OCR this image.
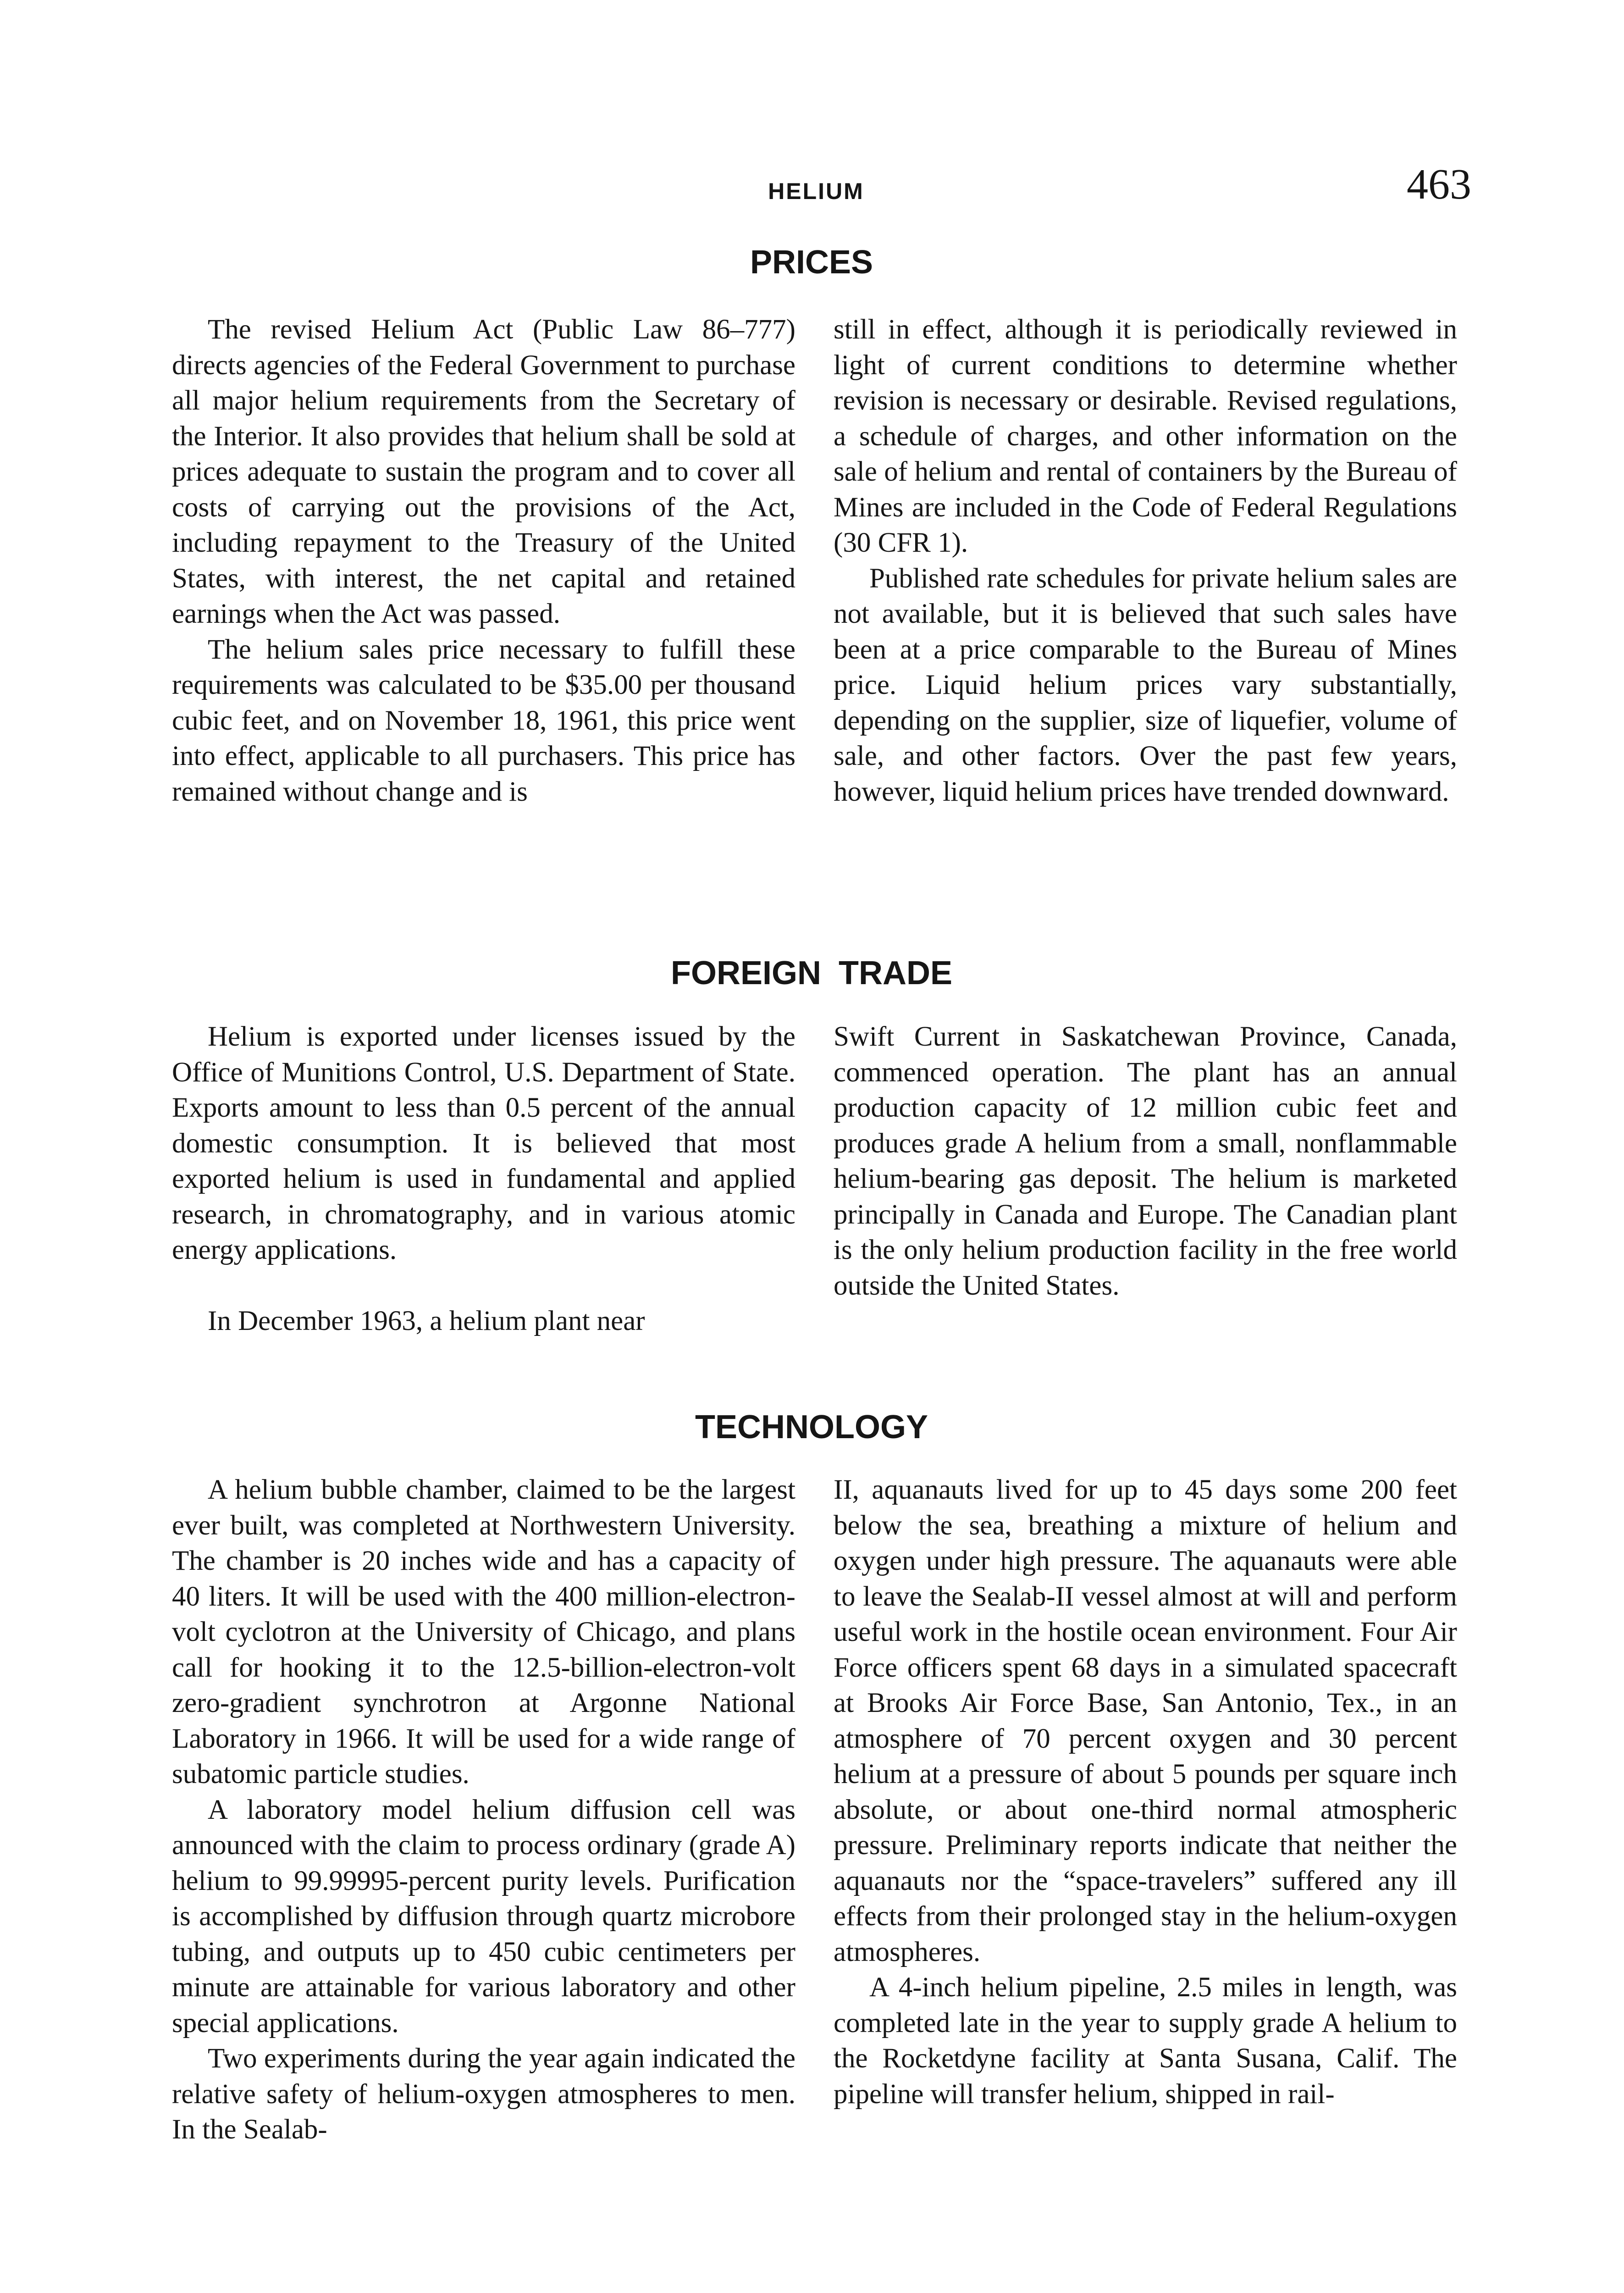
HELIUM	463
PRICES

The revised Helium Act (Public Law 86–777) directs agencies of the Federal Government to purchase all major helium requirements from the Secretary of the Interior. It also provides that helium shall be sold at prices adequate to sustain the program and to cover all costs of carrying out the provisions of the Act, including repayment to the Treasury of the United States, with interest, the net capital and retained earnings when the Act was passed.

The helium sales price necessary to fulfill these requirements was calculated to be $35.00 per thousand cubic feet, and on November 18, 1961, this price went into effect, applicable to all purchasers. This price has remained without change and is

still in effect, although it is periodically reviewed in light of current conditions to determine whether revision is necessary or desirable. Revised regulations, a schedule of charges, and other information on the sale of helium and rental of containers by the Bureau of Mines are included in the Code of Federal Regulations (30 CFR 1).

Published rate schedules for private helium sales are not available, but it is believed that such sales have been at a price comparable to the Bureau of Mines price. Liquid helium prices vary substantially, depending on the supplier, size of liquefier, volume of sale, and other factors. Over the past few years, however, liquid helium prices have trended downward.

FOREIGN TRADE

Helium is exported under licenses issued by the Office of Munitions Control, U.S. Department of State. Exports amount to less than 0.5 percent of the annual domestic consumption. It is believed that most exported helium is used in fundamental and applied research, in chromatography, and in various atomic energy applications.

In December 1963, a helium plant near

Swift Current in Saskatchewan Province, Canada, commenced operation. The plant has an annual production capacity of 12 million cubic feet and produces grade A helium from a small, nonflammable helium-bearing gas deposit. The helium is marketed principally in Canada and Europe. The Canadian plant is the only helium production facility in the free world outside the United States.

TECHNOLOGY

A helium bubble chamber, claimed to be the largest ever built, was completed at Northwestern University. The chamber is 20 inches wide and has a capacity of 40 liters. It will be used with the 400 million-electron-volt cyclotron at the University of Chicago, and plans call for hooking it to the 12.5-billion-electron-volt zero-gradient synchrotron at Argonne National Laboratory in 1966. It will be used for a wide range of subatomic particle studies.

A laboratory model helium diffusion cell was announced with the claim to process ordinary (grade A) helium to 99.99995-percent purity levels. Purification is accomplished by diffusion through quartz microbore tubing, and outputs up to 450 cubic centimeters per minute are attainable for various laboratory and other special applications.

Two experiments during the year again indicated the relative safety of helium-oxygen atmospheres to men. In the Sealab-

II, aquanauts lived for up to 45 days some 200 feet below the sea, breathing a mixture of helium and oxygen under high pressure. The aquanauts were able to leave the Sealab-II vessel almost at will and perform useful work in the hostile ocean environment. Four Air Force officers spent 68 days in a simulated spacecraft at Brooks Air Force Base, San Antonio, Tex., in an atmosphere of 70 percent oxygen and 30 percent helium at a pressure of about 5 pounds per square inch absolute, or about one-third normal atmospheric pressure. Preliminary reports indicate that neither the aquanauts nor the “space-travelers” suffered any ill effects from their prolonged stay in the helium-oxygen atmospheres.

A 4-inch helium pipeline, 2.5 miles in length, was completed late in the year to supply grade A helium to the Rocketdyne facility at Santa Susana, Calif. The pipeline will transfer helium, shipped in rail-
